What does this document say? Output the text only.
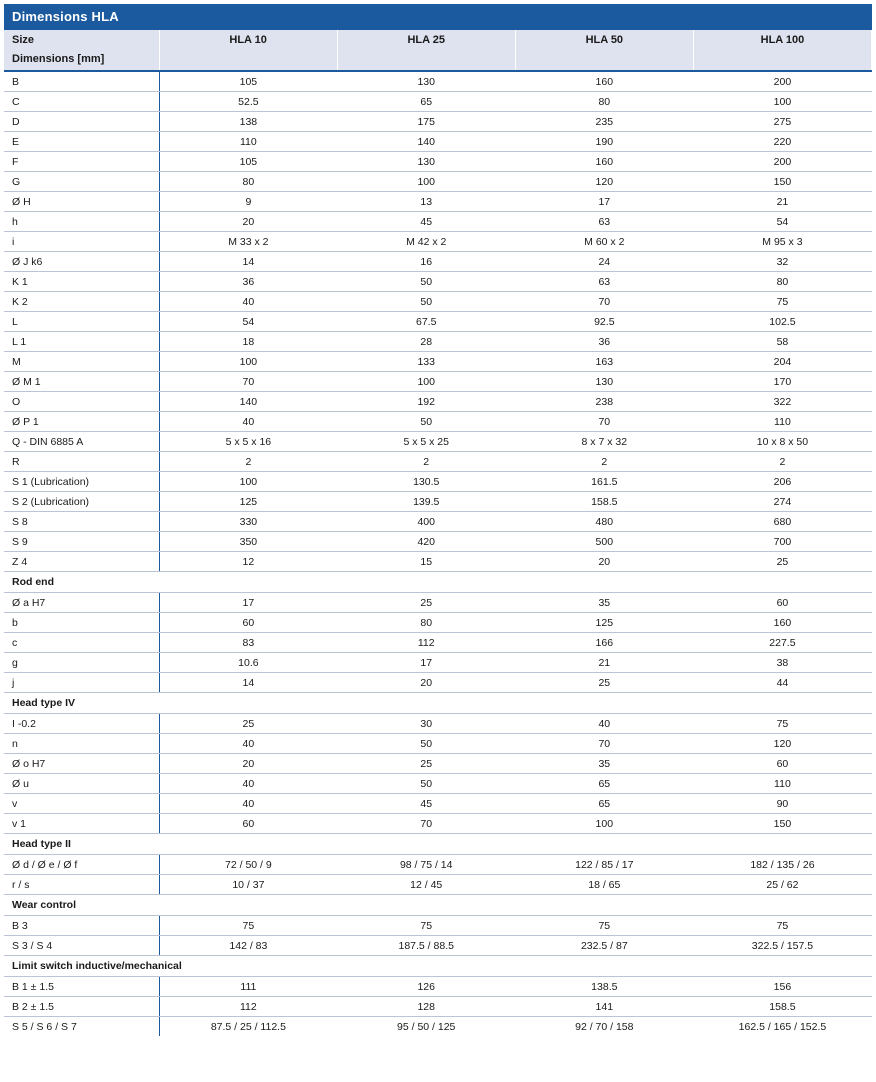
Dimensions HLA				
Size	HLA 10	HLA 25	HLA 50	HLA 100
Dimensions [mm]				
B	105	130	160	200
C	52.5	65	80	100
D	138	175	235	275
E	110	140	190	220
F	105	130	160	200
G	80	100	120	150
Ø H	9	13	17	21
h	20	45	63	54
i	M 33 x 2	M 42 x 2	M 60 x 2	M 95 x 3
Ø J k6	14	16	24	32
K 1	36	50	63	80
K 2	40	50	70	75
L	54	67.5	92.5	102.5
L 1	18	28	36	58
M	100	133	163	204
Ø M 1	70	100	130	170
O	140	192	238	322
Ø P 1	40	50	70	110
Q - DIN 6885 A	5 x 5 x 16	5 x 5 x 25	8 x 7 x 32	10 x 8 x 50
R	2	2	2	2
S 1 (Lubrication)	100	130.5	161.5	206
S 2 (Lubrication)	125	139.5	158.5	274
S 8	330	400	480	680
S 9	350	420	500	700
Z 4	12	15	20	25
Rod end				
Ø a H7	17	25	35	60
b	60	80	125	160
c	83	112	166	227.5
g	10.6	17	21	38
j	14	20	25	44
Head type IV				
I -0.2	25	30	40	75
n	40	50	70	120
Ø o H7	20	25	35	60
Ø u	40	50	65	110
v	40	45	65	90
v 1	60	70	100	150
Head type II				
Ø d / Ø e / Ø f	72 / 50 / 9	98 / 75 / 14	122 / 85 / 17	182 / 135 / 26
r / s	10 / 37	12 / 45	18 / 65	25 / 62
Wear control				
B 3	75	75	75	75
S 3 / S 4	142 / 83	187.5 / 88.5	232.5 / 87	322.5 / 157.5
Limit switch inductive/mechanical				
B 1 ± 1.5	111	126	138.5	156
B 2 ± 1.5	112	128	141	158.5
S 5 / S 6 / S 7	87.5 / 25 / 112.5	95 / 50 / 125	92 / 70 / 158	162.5 / 165 / 152.5
